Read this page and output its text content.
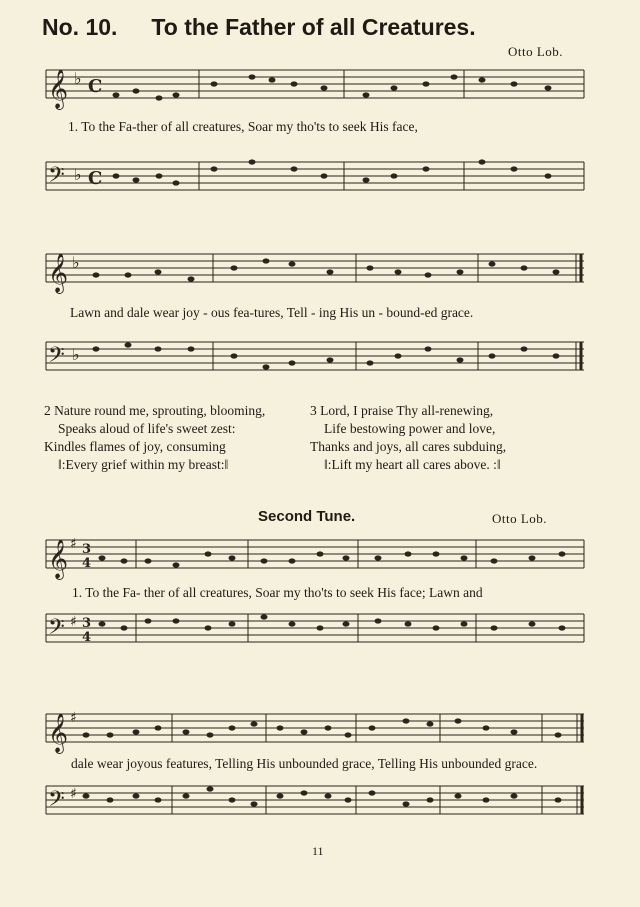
No. 10. To the Father of all Creatures.
Otto Lob.
𝄞 ♭ C
1. To the Fa-ther of all creatures, Soar my tho'ts to seek His face,
𝄢 ♭ C
𝄞 ♭
Lawn and dale wear joy - ous fea-tures, Tell - ing His un - bound-ed grace.
𝄢 ♭
2 Nature round me, sprouting, blooming,
Speaks aloud of life's sweet zest:
Kindles flames of joy, consuming
‖:Every grief within my breast:‖
3 Lord, I praise Thy all-renewing,
Life bestowing power and love,
Thanks and joys, all cares subduing,
‖:Lift my heart all cares above. :‖
Second Tune.	Otto Lob.
𝄞 ♯ 3
4
1. To the Fa- ther of all creatures, Soar my tho'ts to seek His face; Lawn and
𝄢 ♯ 3
4
𝄞 ♯
dale wear joyous features, Telling His unbounded grace, Telling His unbounded grace.
𝄢 ♯
11
